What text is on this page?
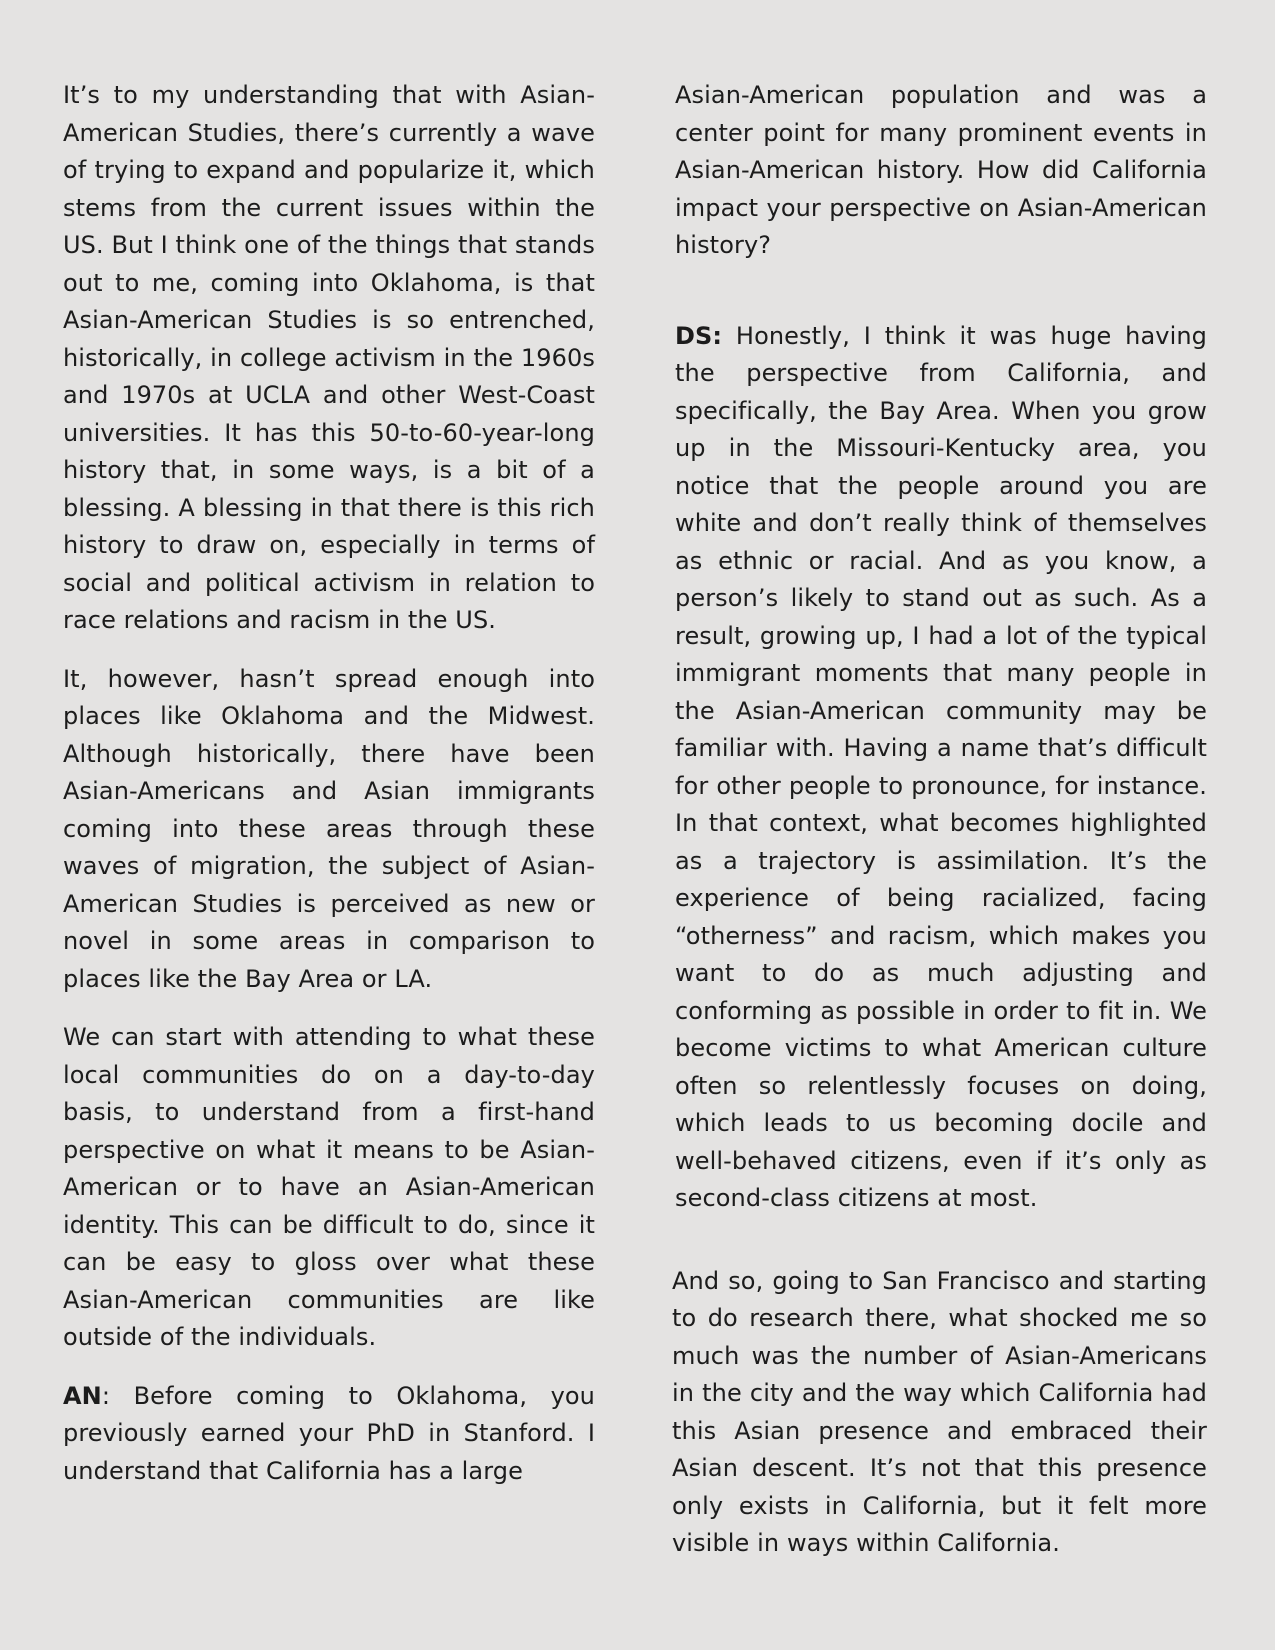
It’s to my understanding that with Asian-American Studies, there’s currently a wave of trying to expand and popularize it, which stems from the current issues within the US. But I think one of the things that stands out to me, coming into Oklahoma, is that Asian-American Studies is so entrenched, historically, in college activism in the 1960s and 1970s at UCLA and other West-Coast universities. It has this 50-to-60-year-long history that, in some ways, is a bit of a blessing. A blessing in that there is this rich history to draw on, especially in terms of social and political activism in relation to race relations and racism in the US.

It, however, hasn’t spread enough into places like Oklahoma and the Midwest. Although historically, there have been Asian-Americans and Asian immigrants coming into these areas through these waves of migration, the subject of Asian-American Studies is perceived as new or novel in some areas in comparison to places like the Bay Area or LA.

We can start with attending to what these local communities do on a day-to-day basis, to understand from a first-hand perspective on what it means to be Asian-American or to have an Asian-American identity. This can be difficult to do, since it can be easy to gloss over what these Asian-American communities are like outside of the individuals.

AN: Before coming to Oklahoma, you previously earned your PhD in Stanford. I understand that California has a large

Asian-American population and was a center point for many prominent events in Asian-American history. How did California impact your perspective on Asian-American history?

DS: Honestly, I think it was huge having the perspective from California, and specifically, the Bay Area. When you grow up in the Missouri-Kentucky area, you notice that the people around you are white and don’t really think of themselves as ethnic or racial. And as you know, a person’s likely to stand out as such. As a result, growing up, I had a lot of the typical immigrant moments that many people in the Asian-American community may be familiar with. Having a name that’s difficult for other people to pronounce, for instance. In that context, what becomes highlighted as a trajectory is assimilation. It’s the experience of being racialized, facing “otherness” and racism, which makes you want to do as much adjusting and conforming as possible in order to fit in. We become victims to what American culture often so relentlessly focuses on doing, which leads to us becoming docile and well-behaved citizens, even if it’s only as second-class citizens at most.

And so, going to San Francisco and starting to do research there, what shocked me so much was the number of Asian-Americans in the city and the way which California had this Asian presence and embraced their Asian descent. It’s not that this presence only exists in California, but it felt more visible in ways within California.
